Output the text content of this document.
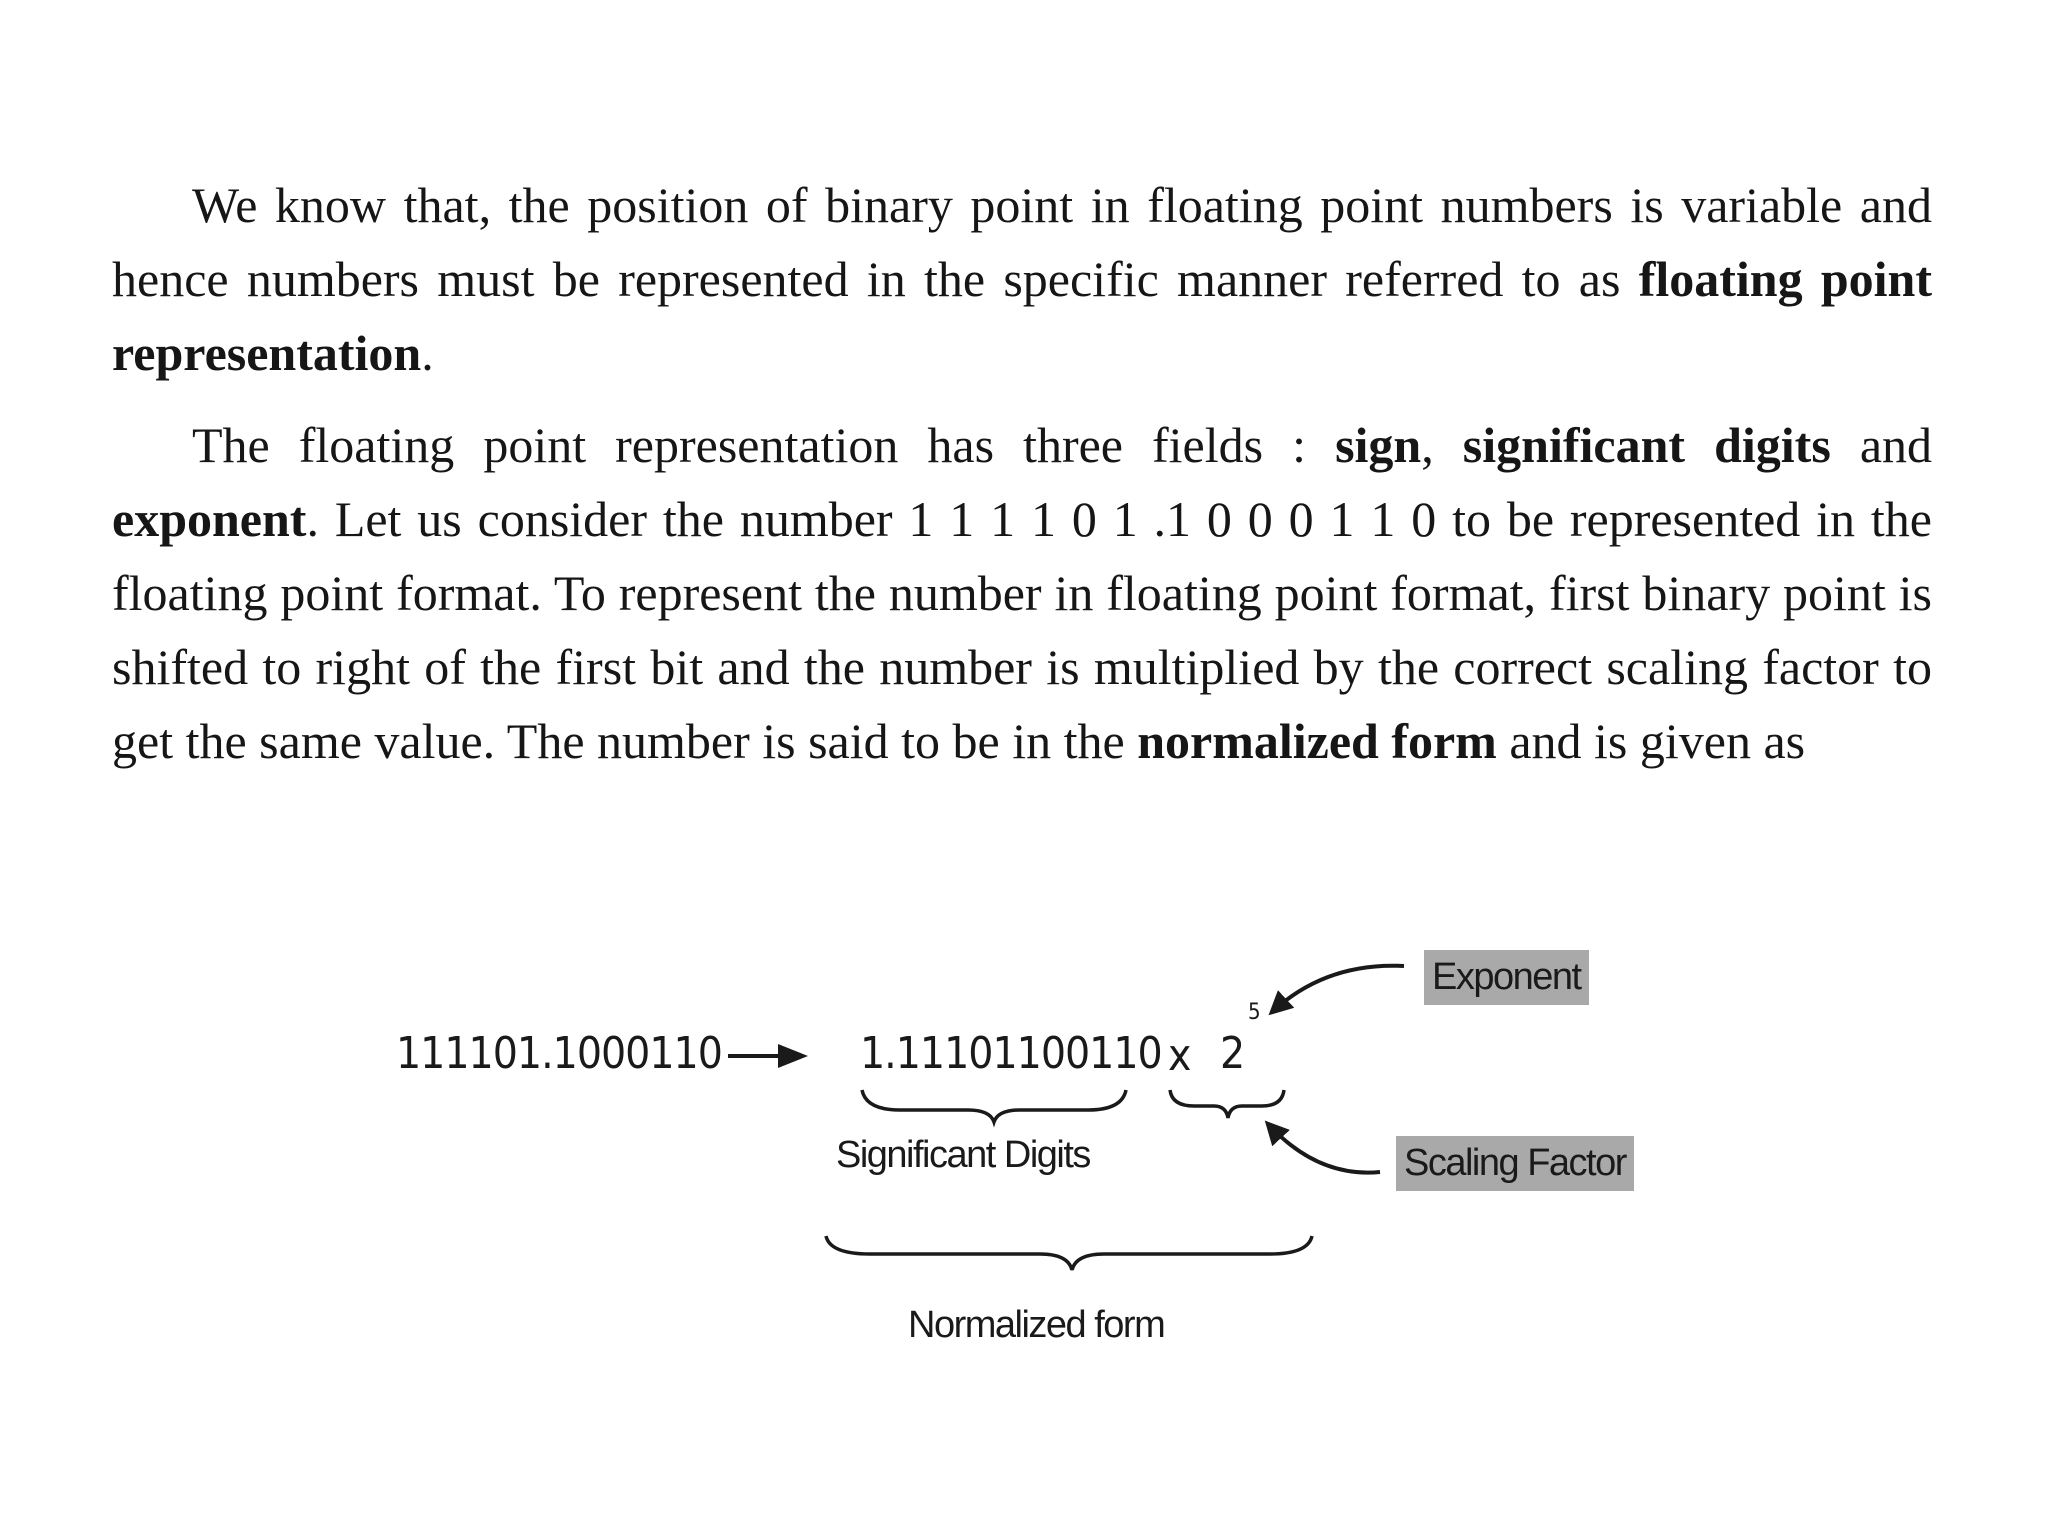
We know that, the position of binary point in floating point numbers is variable and hence numbers must be represented in the specific manner referred to as floating point representation.

The floating point representation has three fields : sign, significant digits and exponent. Let us consider the number 1 1 1 1 0 1 .1 0 0 0 1 1 0 to be represented in the floating point format. To represent the number in floating point format, first binary point is shifted to right of the first bit and the number is multiplied by the correct scaling factor to get the same value. The number is said to be in the normalized form and is given as

111101.1000110	1.11101100110 x 2
5
Exponent
Significant Digits	Scaling Factor
Normalized form
